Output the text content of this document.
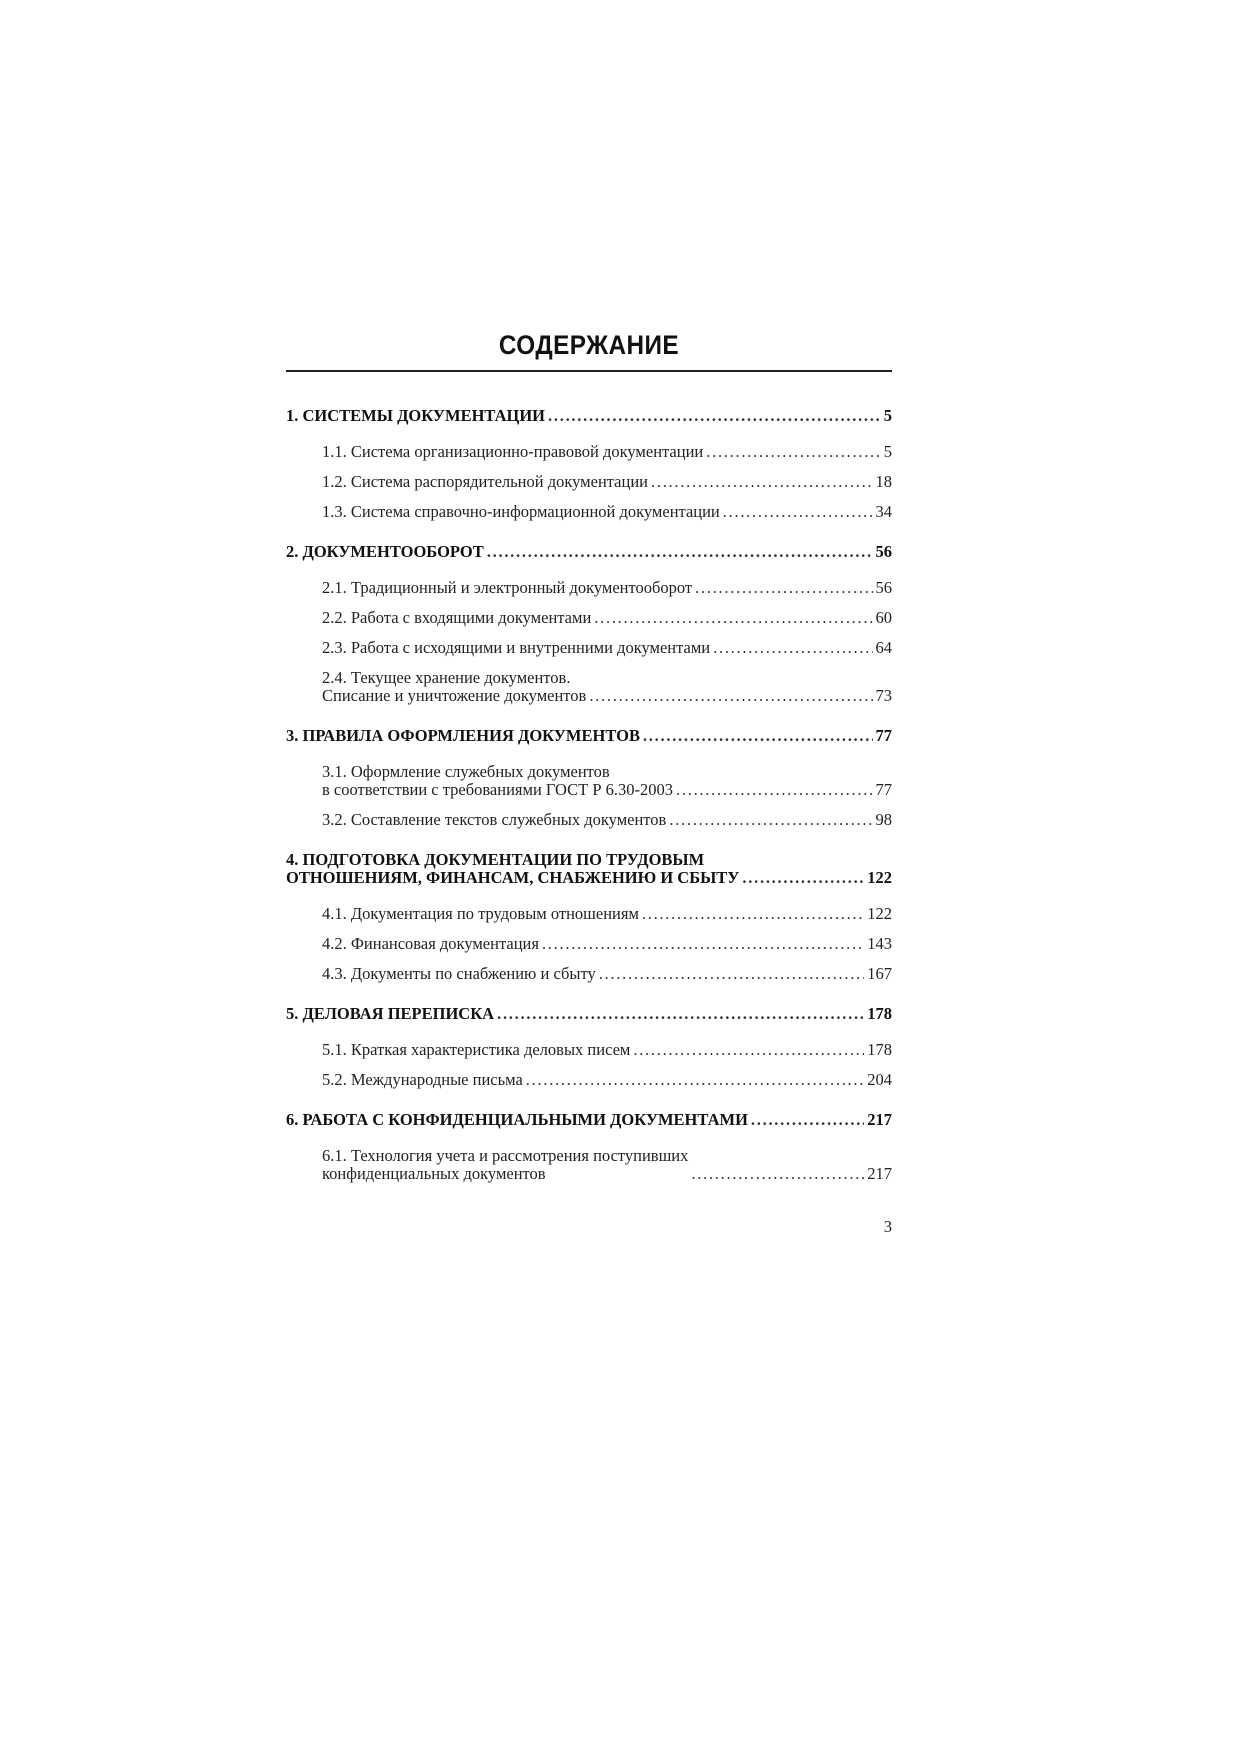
СОДЕРЖАНИЕ
1. СИСТЕМЫ ДОКУМЕНТАЦИИ . . .	5
1.1. Система организационно-правовой документации . . .	5
1.2. Система распорядительной документации . . .	18
1.3. Система справочно-информационной документации . . .	34
2. ДОКУМЕНТООБОРОТ . . .	56
2.1. Традиционный и электронный документооборот . . .	56
2.2. Работа с входящими документами . . .	60
2.3. Работа с исходящими и внутренними документами . . .	64
2.4. Текущее хранение документов.
Списание и уничтожение документов . . .	73
3. ПРАВИЛА ОФОРМЛЕНИЯ ДОКУМЕНТОВ . . .	77
3.1. Оформление служебных документов
в соответствии с требованиями ГОСТ Р 6.30-2003 . . .	77
3.2. Составление текстов служебных документов . . .	98
4. ПОДГОТОВКА ДОКУМЕНТАЦИИ ПО ТРУДОВЫМ
ОТНОШЕНИЯМ, ФИНАНСАМ, СНАБЖЕНИЮ И СБЫТУ . . .	122
4.1. Документация по трудовым отношениям . . .	122
4.2. Финансовая документация . . .	143
4.3. Документы по снабжению и сбыту . . .	167
5. ДЕЛОВАЯ ПЕРЕПИСКА . . .	178
5.1. Краткая характеристика деловых писем . . .	178
5.2. Международные письма . . .	204
6. РАБОТА С КОНФИДЕНЦИАЛЬНЫМИ ДОКУМЕНТАМИ . . .	217
6.1. Технология учета и рассмотрения поступивших
конфиденциальных документов . . .	217
3
